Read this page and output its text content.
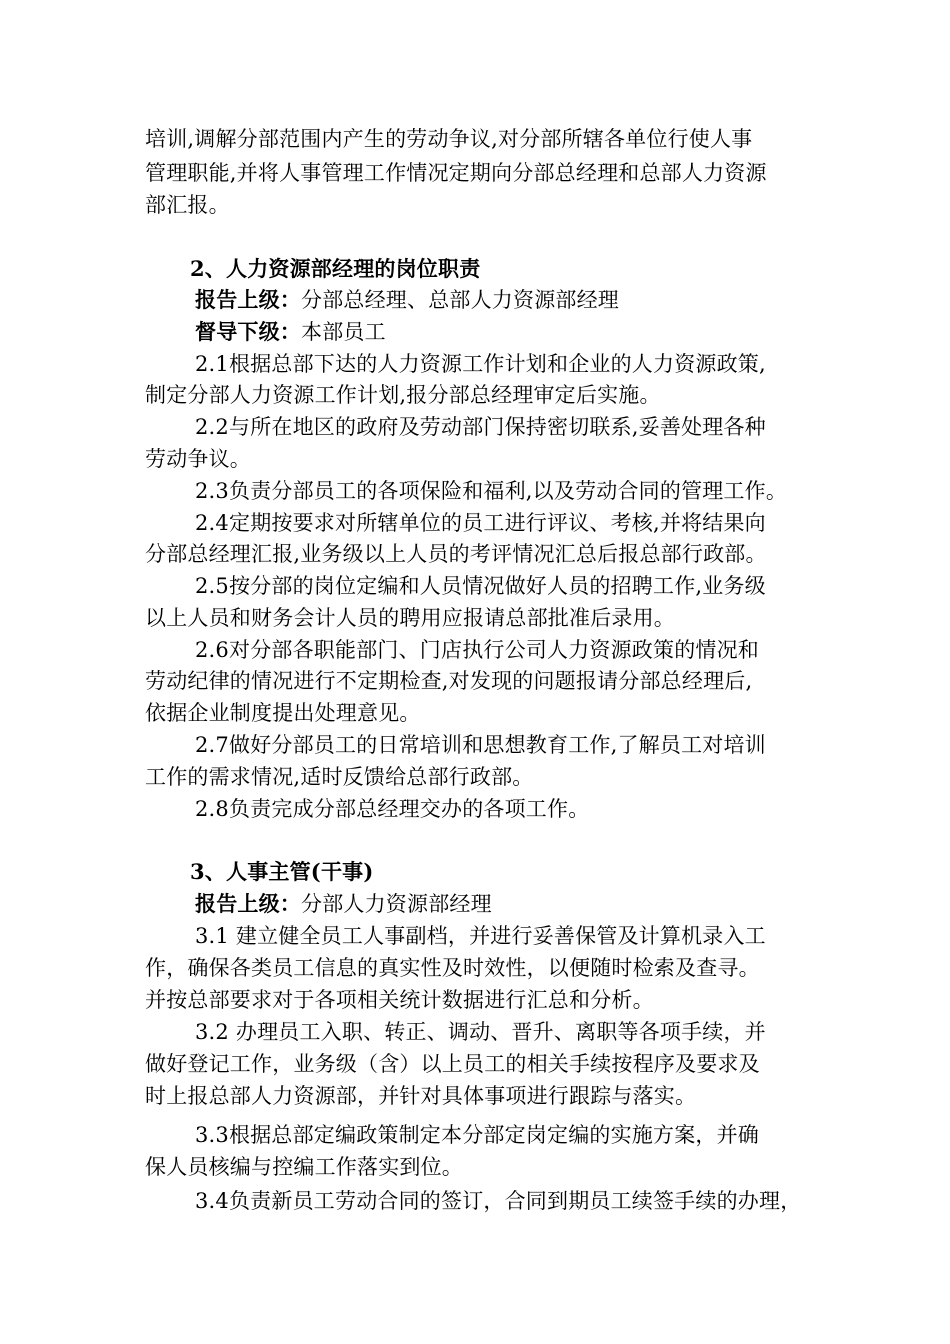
培训,调解分部范围内产生的劳动争议,对分部所辖各单位行使人事
管理职能,并将人事管理工作情况定期向分部总经理和总部人力资源
部汇报。
2、人力资源部经理的岗位职责
报告上级：分部总经理、总部人力资源部经理
督导下级：本部员工
2.1根据总部下达的人力资源工作计划和企业的人力资源政策,
制定分部人力资源工作计划,报分部总经理审定后实施。
2.2与所在地区的政府及劳动部门保持密切联系,妥善处理各种
劳动争议。
2.3负责分部员工的各项保险和福利,以及劳动合同的管理工作。
2.4定期按要求对所辖单位的员工进行评议、考核,并将结果向
分部总经理汇报,业务级以上人员的考评情况汇总后报总部行政部。
2.5按分部的岗位定编和人员情况做好人员的招聘工作,业务级
以上人员和财务会计人员的聘用应报请总部批准后录用。
2.6对分部各职能部门、门店执行公司人力资源政策的情况和
劳动纪律的情况进行不定期检查,对发现的问题报请分部总经理后,
依据企业制度提出处理意见。
2.7做好分部员工的日常培训和思想教育工作,了解员工对培训
工作的需求情况,适时反馈给总部行政部。
2.8负责完成分部总经理交办的各项工作。
3、人事主管(干事)
报告上级：分部人力资源部经理
3.1 建立健全员工人事副档，并进行妥善保管及计算机录入工
作，确保各类员工信息的真实性及时效性，以便随时检索及查寻。
并按总部要求对于各项相关统计数据进行汇总和分析。
3.2 办理员工入职、转正、调动、晋升、离职等各项手续，并
做好登记工作，业务级（含）以上员工的相关手续按程序及要求及
时上报总部人力资源部，并针对具体事项进行跟踪与落实。
3.3根据总部定编政策制定本分部定岗定编的实施方案，并确
保人员核编与控编工作落实到位。
3.4负责新员工劳动合同的签订，合同到期员工续签手续的办理，
